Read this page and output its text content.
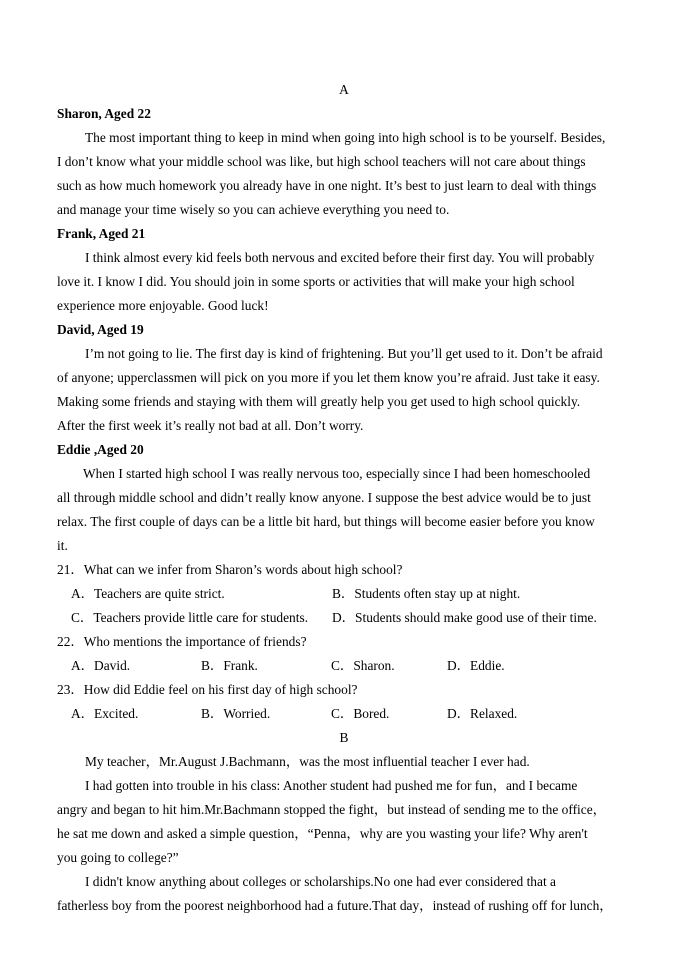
A
Sharon, Aged 22
The most important thing to keep in mind when going into high school is to be yourself. Besides,
I don’t know what your middle school was like, but high school teachers will not care about things
such as how much homework you already have in one night. It’s best to just learn to deal with things
and manage your time wisely so you can achieve everything you need to.
Frank, Aged 21
I think almost every kid feels both nervous and excited before their first day. You will probably
love it. I know I did. You should join in some sports or activities that will make your high school
experience more enjoyable. Good luck!
David, Aged 19
I’m not going to lie. The first day is kind of frightening. But you’ll get used to it. Don’t be afraid
of anyone; upperclassmen will pick on you more if you let them know you’re afraid. Just take it easy.
Making some friends and staying with them will greatly help you get used to high school quickly.
After the first week it’s really not bad at all. Don’t worry.
Eddie ,Aged 20
When I started high school I was really nervous too, especially since I had been homeschooled
all through middle school and didn’t really know anyone. I suppose the best advice would be to just
relax. The first couple of days can be a little bit hard, but things will become easier before you know
it.
21．What can we infer from Sharon’s words about high school?
A．Teachers are quite strict.	B．Students often stay up at night.
C．Teachers provide little care for students. D．Students should make good use of their time.
22．Who mentions the importance of friends?
A．David.	B．Frank.	C．Sharon.	D．Eddie.
23．How did Eddie feel on his first day of high school?
A．Excited.	B．Worried.	C．Bored.	D．Relaxed.
B
My teacher，Mr.August J.Bachmann，was the most influential teacher I ever had.
I had gotten into trouble in his class: Another student had pushed me for fun，and I became
angry and began to hit him.Mr.Bachmann stopped the fight，but instead of sending me to the office，
he sat me down and asked a simple question，“Penna，why are you wasting your life? Why aren't
you going to college?”
I didn't know anything about colleges or scholarships.No one had ever considered that a
fatherless boy from the poorest neighborhood had a future.That day，instead of rushing off for lunch，
